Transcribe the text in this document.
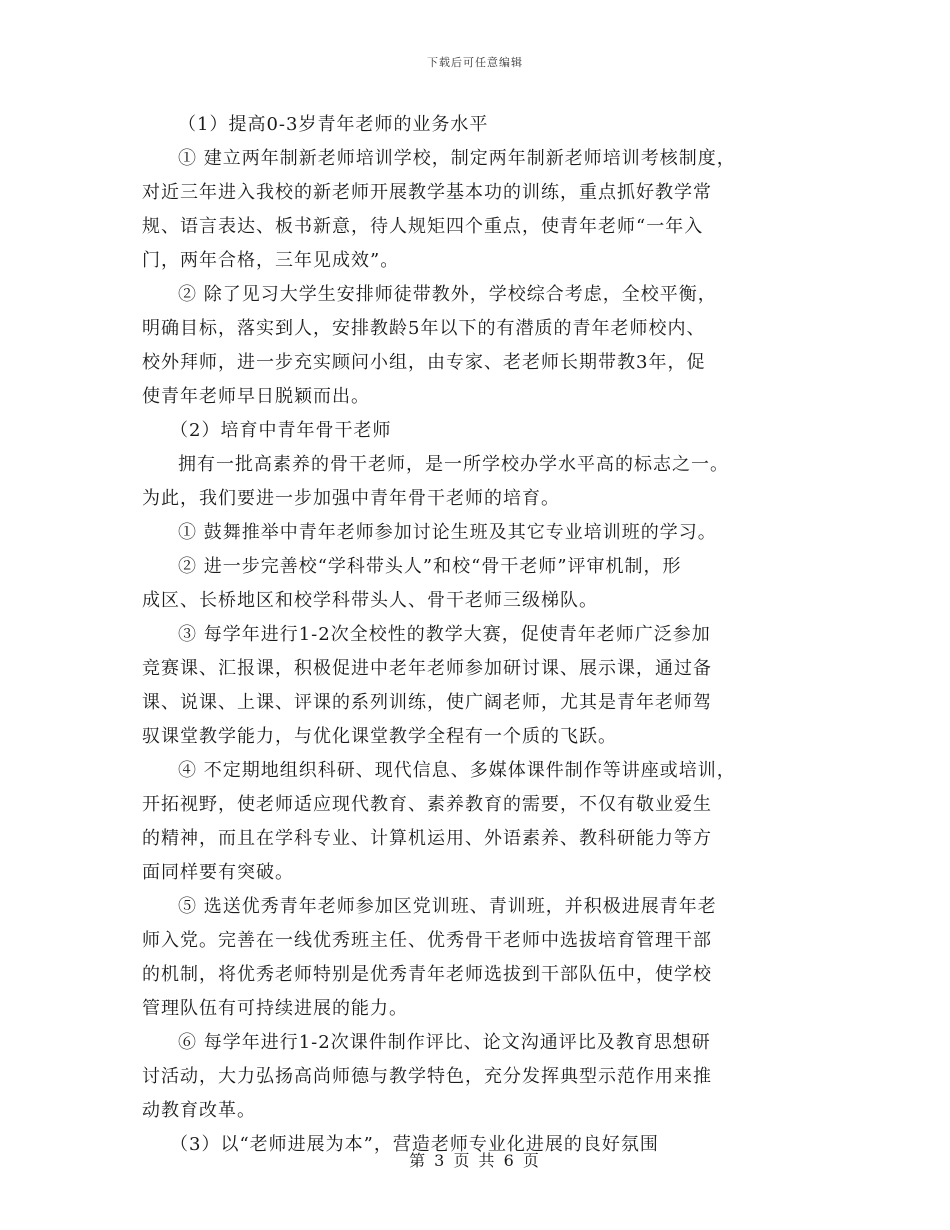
下载后可任意编辑
（1）提高0-3岁青年老师的业务水平
① 建立两年制新老师培训学校，制定两年制新老师培训考核制度，
对近三年进入我校的新老师开展教学基本功的训练，重点抓好教学常
规、语言表达、板书新意，待人规矩四个重点，使青年老师“一年入
门，两年合格，三年见成效”。
② 除了见习大学生安排师徒带教外，学校综合考虑，全校平衡，
明确目标，落实到人，安排教龄5年以下的有潜质的青年老师校内、
校外拜师，进一步充实顾问小组，由专家、老老师长期带教3年，促
使青年老师早日脱颖而出。
（2）培育中青年骨干老师
拥有一批高素养的骨干老师，是一所学校办学水平高的标志之一。
为此，我们要进一步加强中青年骨干老师的培育。
① 鼓舞推举中青年老师参加讨论生班及其它专业培训班的学习。
② 进一步完善校“学科带头人”和校“骨干老师”评审机制，形
成区、长桥地区和校学科带头人、骨干老师三级梯队。
③ 每学年进行1-2次全校性的教学大赛，促使青年老师广泛参加
竞赛课、汇报课，积极促进中老年老师参加研讨课、展示课，通过备
课、说课、上课、评课的系列训练，使广阔老师，尤其是青年老师驾
驭课堂教学能力，与优化课堂教学全程有一个质的飞跃。
④ 不定期地组织科研、现代信息、多媒体课件制作等讲座或培训，
开拓视野，使老师适应现代教育、素养教育的需要，不仅有敬业爱生
的精神，而且在学科专业、计算机运用、外语素养、教科研能力等方
面同样要有突破。
⑤ 选送优秀青年老师参加区党训班、青训班，并积极进展青年老
师入党。完善在一线优秀班主任、优秀骨干老师中选拔培育管理干部
的机制，将优秀老师特别是优秀青年老师选拔到干部队伍中，使学校
管理队伍有可持续进展的能力。
⑥ 每学年进行1-2次课件制作评比、论文沟通评比及教育思想研
讨活动，大力弘扬高尚师德与教学特色，充分发挥典型示范作用来推
动教育改革。
（3）以“老师进展为本”，营造老师专业化进展的良好氛围
第 3 页 共 6 页
